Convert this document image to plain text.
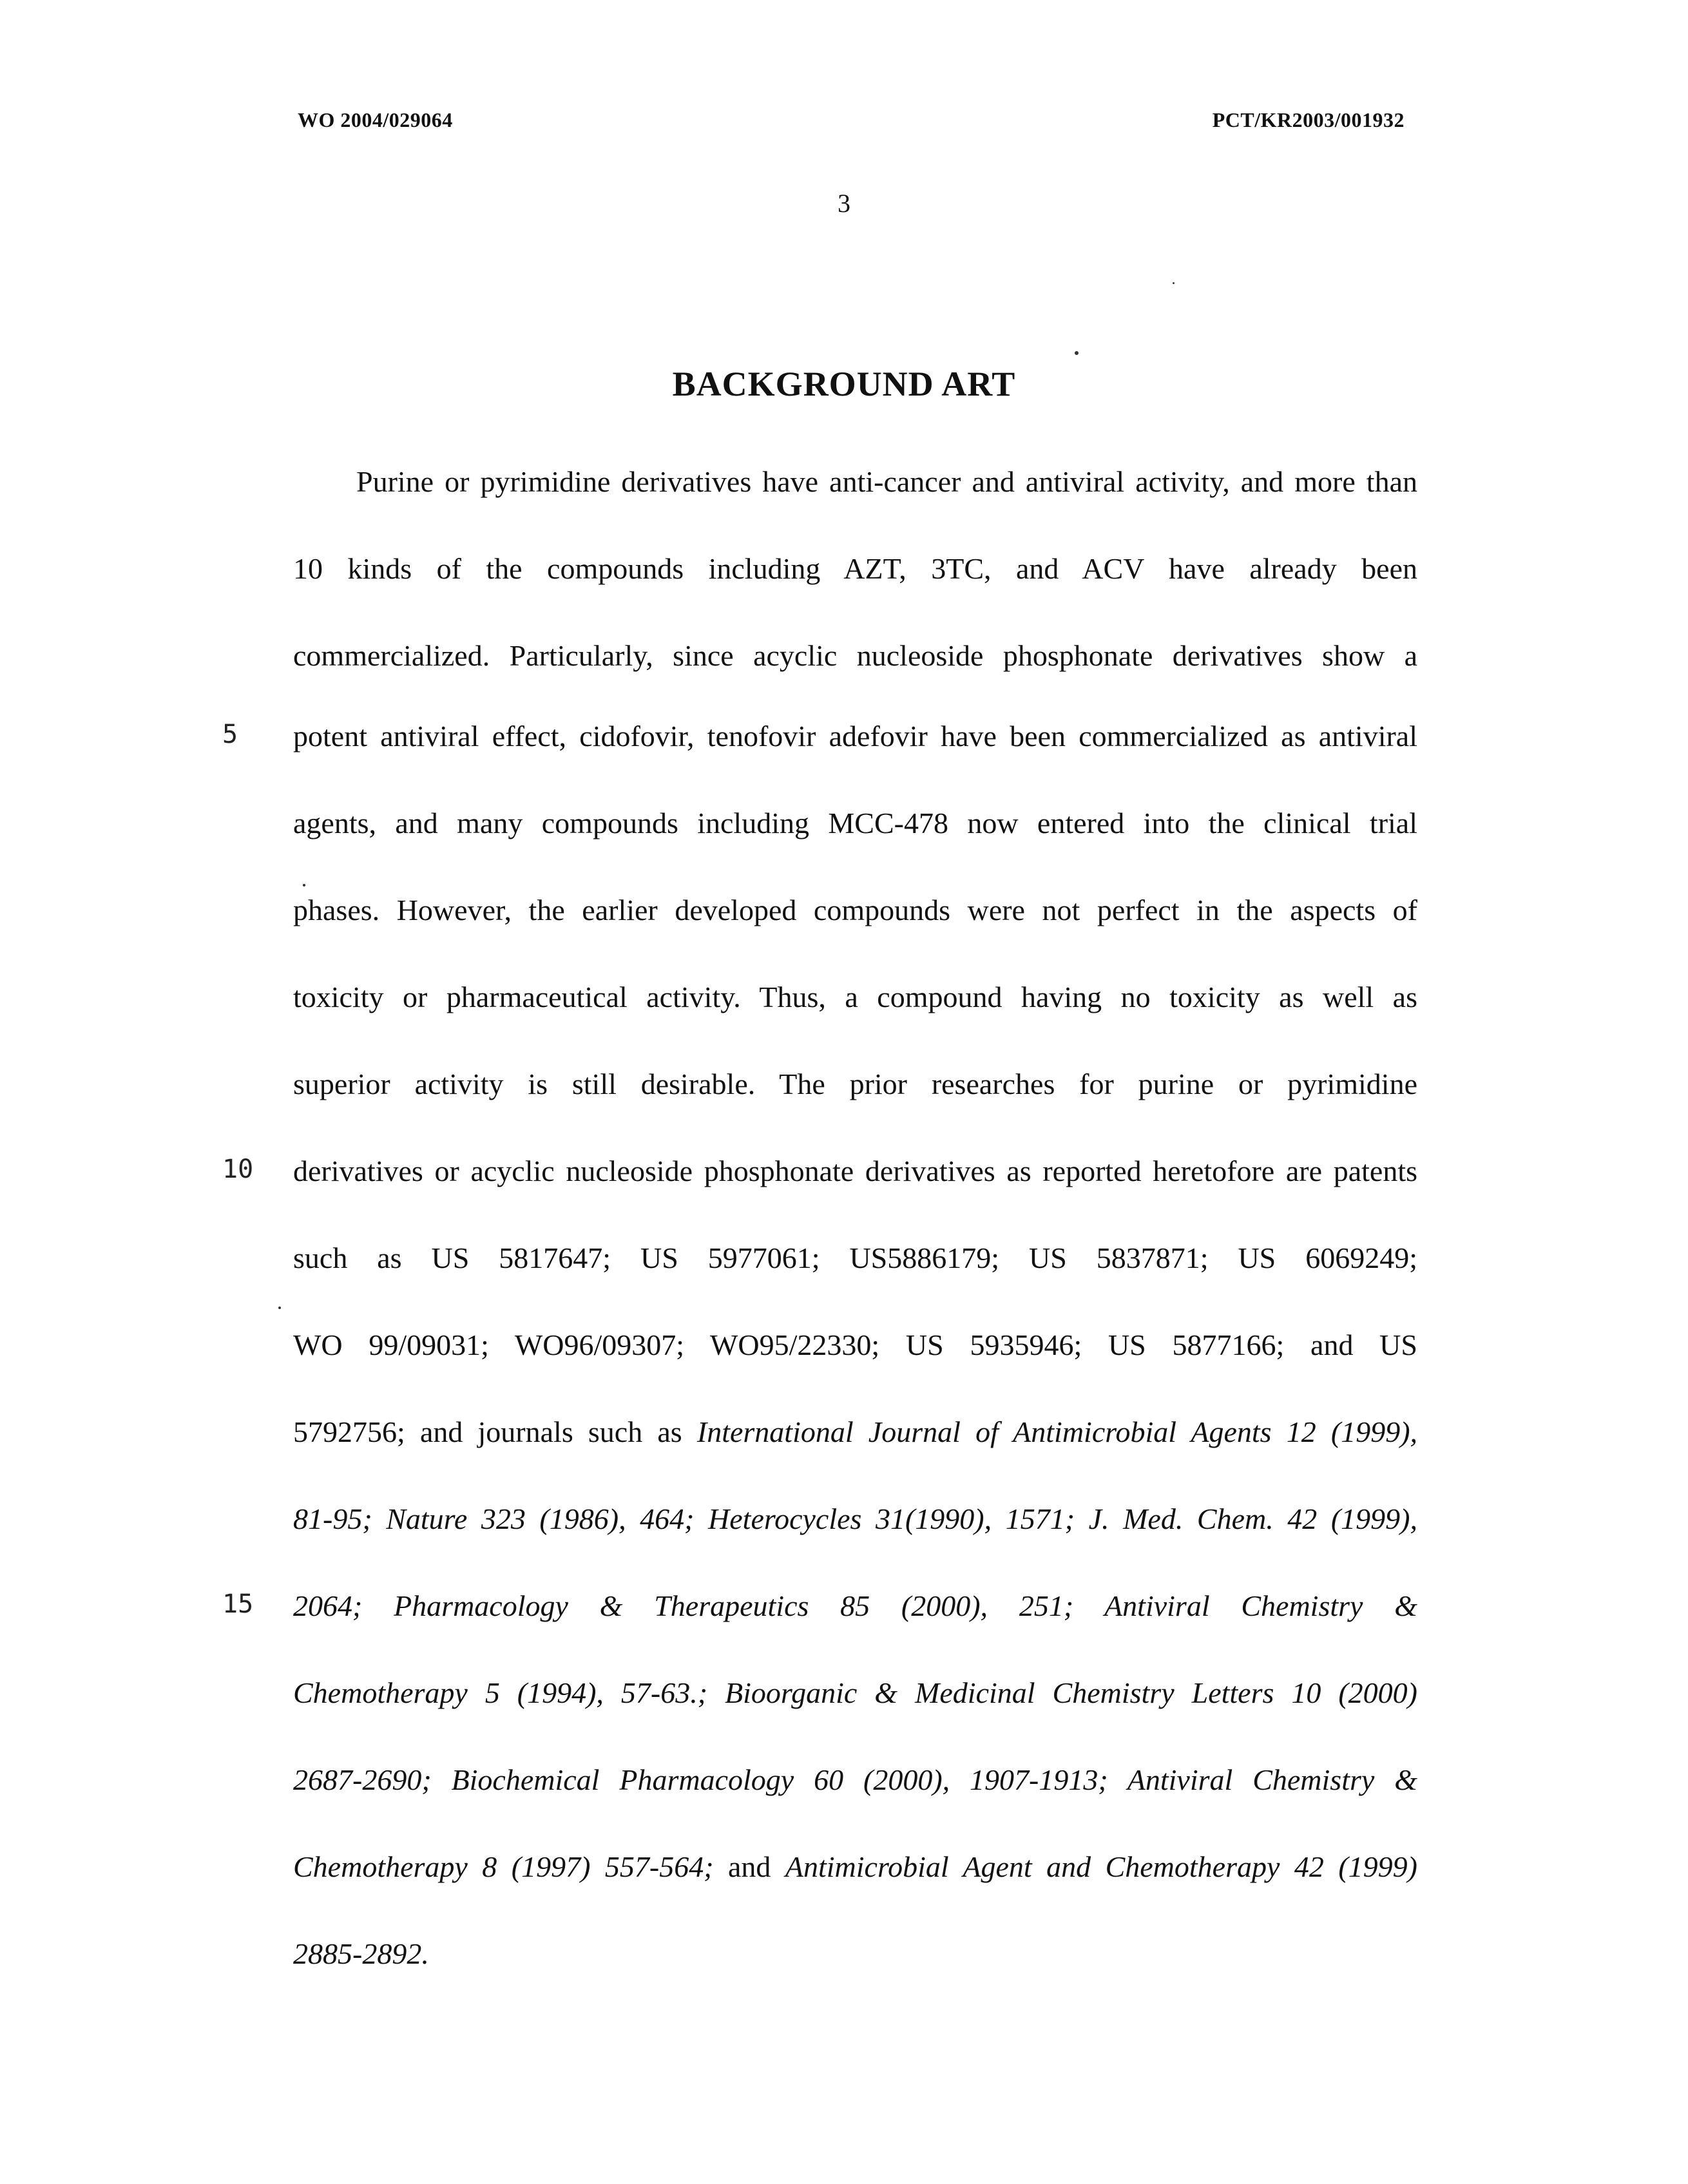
WO 2004/029064	PCT/KR2003/001932
3
BACKGROUND ART
5
10
15
Purine or pyrimidine derivatives have anti-cancer and antiviral activity, and more than
10 kinds of the compounds including AZT, 3TC, and ACV have already been
commercialized. Particularly, since acyclic nucleoside phosphonate derivatives show a
potent antiviral effect, cidofovir, tenofovir adefovir have been commercialized as antiviral
agents, and many compounds including MCC-478 now entered into the clinical trial
phases. However, the earlier developed compounds were not perfect in the aspects of
toxicity or pharmaceutical activity. Thus, a compound having no toxicity as well as
superior activity is still desirable. The prior researches for purine or pyrimidine
derivatives or acyclic nucleoside phosphonate derivatives as reported heretofore are patents
such as US 5817647; US 5977061; US5886179; US 5837871; US 6069249;
WO 99/09031; WO96/09307; WO95/22330; US 5935946; US 5877166; and US
5792756; and journals such as International Journal of Antimicrobial Agents 12 (1999),
81-95; Nature 323 (1986), 464; Heterocycles 31(1990), 1571; J. Med. Chem. 42 (1999),
2064; Pharmacology & Therapeutics 85 (2000), 251; Antiviral Chemistry &
Chemotherapy 5 (1994), 57-63.; Bioorganic & Medicinal Chemistry Letters 10 (2000)
2687-2690; Biochemical Pharmacology 60 (2000), 1907-1913; Antiviral Chemistry &
Chemotherapy 8 (1997) 557-564; and Antimicrobial Agent and Chemotherapy 42 (1999)
2885-2892.
